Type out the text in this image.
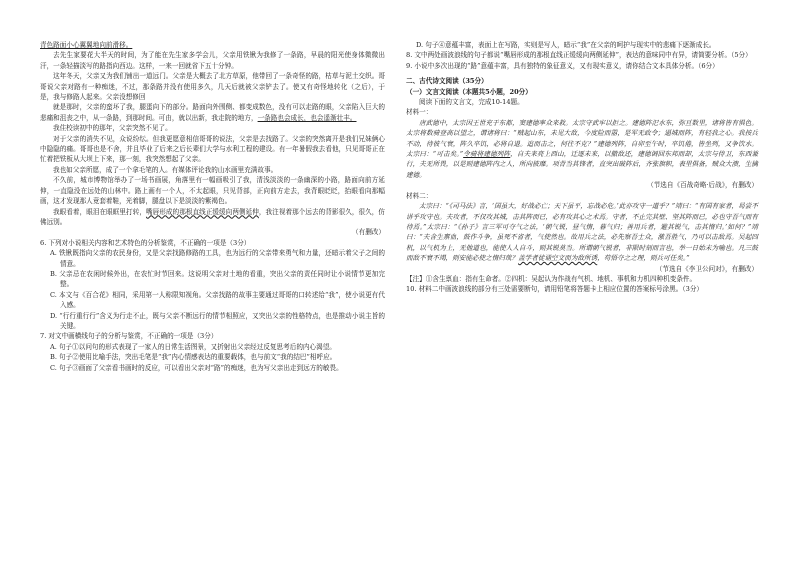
青色路面小心翼翼地向前滑移。

去先生家要花大半天的时间，为了能在先生家多学会儿，父亲用铁锹为我修了一条路，早晨的阳光使身体微微出汗，一条轻描淡写的路指向西边。这样，一来一回就省下五十分钟。

这年冬天，父亲又为我们铺出一道远门。父亲是大概去了北方草原，他带回了一条奇怪的路，枯草与泥土交织。哥哥说父亲对路有一种痴迷，不过，那条路并没有使用多久，几天后就被父亲铲去了。使又有奇怪地转化（之后），于是，我与修路人起来。父亲没想修回

就是那时，父亲的蛮坏了我，腿蛋向下的部分。路面向外围侧、都变成数色，没有可以走路的眼，父亲陷入巨大的悲痛和沮丧之中，从一条路，到那时间。可由，就以出新，我走院的地方，一条路也会成长，也会遥渐壮丰。

我住校读初中的那年，父亲突然不见了。

对于父亲的消失不见，众说纷纭。但我更愿意相信哥哥的说法，父亲是去找路了。父亲的突然离开是我们兄妹俩心中隐隐的痛。哥哥也是不舍，并且毕业了后来之后长辈们大学与水利工程的建设。有一年暑假我去看他，只见哥哥正在忙着把铁板从大坝上下来，那一刻，我突然想起了父亲。

我也如父亲所愿，成了一个拿毛笔的人。有媒体评论我的山水画里充满故事。

不久前，城市博物馆举办了一场书画展，角落里有一幅画吸引了我，清浅淡淡的一条幽深的小路，路面向前方延伸，一直隐没在远处的山林中。路上画有一个人，不太起眼，只见背部，正向前方走去，我背眼眨眨，抬眼看向那幅画，这才发现那人竟套着鞋，光着脚，腿盘以下是淡淡的紫褐色。

我眼看着，眼泪在眼眶里打转，嘴唇形成的那根直线正缓缓向两侧延伸，我注视着那个远去的背影很久，很久，仿佛远别。

（有删改）

6. 下列对小说相关内容和艺术特色的分析鉴赏，不正确的一项是（3分）

A. 铁锹既指向父亲的农民身份，又是父亲找路修路的工具，也为远行的父亲带来勇气和力量，还暗示着父子之间的情意。

B. 父亲忌在农闲时候外出，在农忙时节回来。这说明父亲对土地的看重，突出父亲的责任同时让小说情节更加完整。

C. 本文与《百合花》相同，采用第一人称限知视角。父亲找路的故事主要通过哥哥的口转述给“我”，使小说更有代入感。

D. “行行重行行”含义为行走不止，既与父亲不断远行的情节相照应，又突出父亲的性格特点，也是推动小说主旨的关键。

7. 对文中画横线句子的分析与鉴赏，不正确的一项是（3分）

A. 句子①以问句的形式表现了一家人的日常生活图景，又折射出父亲经过反复思考后的内心渴望。

B. 句子②使用比喻手法，突出毛笔是“我”内心情感表达的重要载体，也与前文“我的结巴”相呼应。

C. 句子③画面了父亲看书画时的反应，可以看出父亲对“路”的痴迷，也为写父亲出走到远方的敏畏。

D. 句子④意蕴丰富，表面上在写路，实则是写人，暗示“我”在父亲的呵护与现实中的悲痛下逐渐成长。

8. 文中两处画波浪线的句子都说“嘴唇形成的那根直线正缓缓向两侧延伸”，表达的意味同中有异，请简要分析。（5分）

9. 小说中多次出现的“路”意蕴丰富，具有独特的象征意义，又有现实意义，请你结合文本具体分析。（6分）

二、古代诗文阅读（35分）

（一）文言文阅读（本题共5小题，20分）

阅读下面的文言文，完成10-14题。

材料一：

唐武德中，太宗因王世充于东都，窦建德率众来救。太宗守武牢以拒之。建德阵汜水东，弥亘数里，诸将皆有惧色。太宗将数骑登高以望之，谓诸将曰：“贼起山东，未见大敌，今度险而嚣，是军无政令；逼城而阵，有轻我之心。我按兵不动，待彼气衰，阵久卒饥，必将自退。追而击之，何往不克？”建德列阵，自卯至午时，卒饥倦，皆坐列，又争饮水。太宗曰：“可击矣。”令骑将建德列阵，自夫来亮上西山，迁逐未来，以撤敌还，建德调回东邦而却，太宗与侍卫，东西兼行，夫无所畏，以是则建德阵内之人，所向披靡。项背当其锋者，直突出破阵后，齐张旗帜，表里俱备，贼众大溃，生擒建德。

（节选自《百战奇略·后战》，有删改）

材料二：

太宗曰：“《司马法》言，‘国虽大，好战必亡；天下虽平，忘战必危。’此亦攻守一道乎？”靖曰：“有国有家者，曷尝不讲乎攻守也。夫攻者，不仅攻其城，击其阵而已，必有攻其心之术焉。守者，不止完其壁、坚其阵而已，必也守吾气而有待焉。”太宗曰：“《孙子》言三军可夺气之法，‘朝气锐，昼气惰，暮气归；善用兵者，避其锐气，击其惰归。’如何？”靖曰：“夫含生禀血，鼓作斗争，虽死不省者，气使然也。故用兵之法，必先察吾士众，激吾胜气，乃可以击敌焉。吴起四机，以气机为上，无他道也，能使人人自斗，则其锐莫当。所谓朝气锐者，非限时刻而言也，举一日始末为喻也。凡三鼓而敌不衰不竭，则安能必使之惰归哉？盖学者徒诵空文而为敌所诱，苟悟夺之之理，则兵可任矣。”

（节选自《李卫公问对》，有删改）

【注】①含生禀血：指有生命者。②四机：吴起认为作战有气机、地机、事机和力机四种机变条件。

10. 材料二中画波浪线的部分有三处需要断句，请用铅笔将答题卡上相应位置的答案标号涂黑。（3分）
